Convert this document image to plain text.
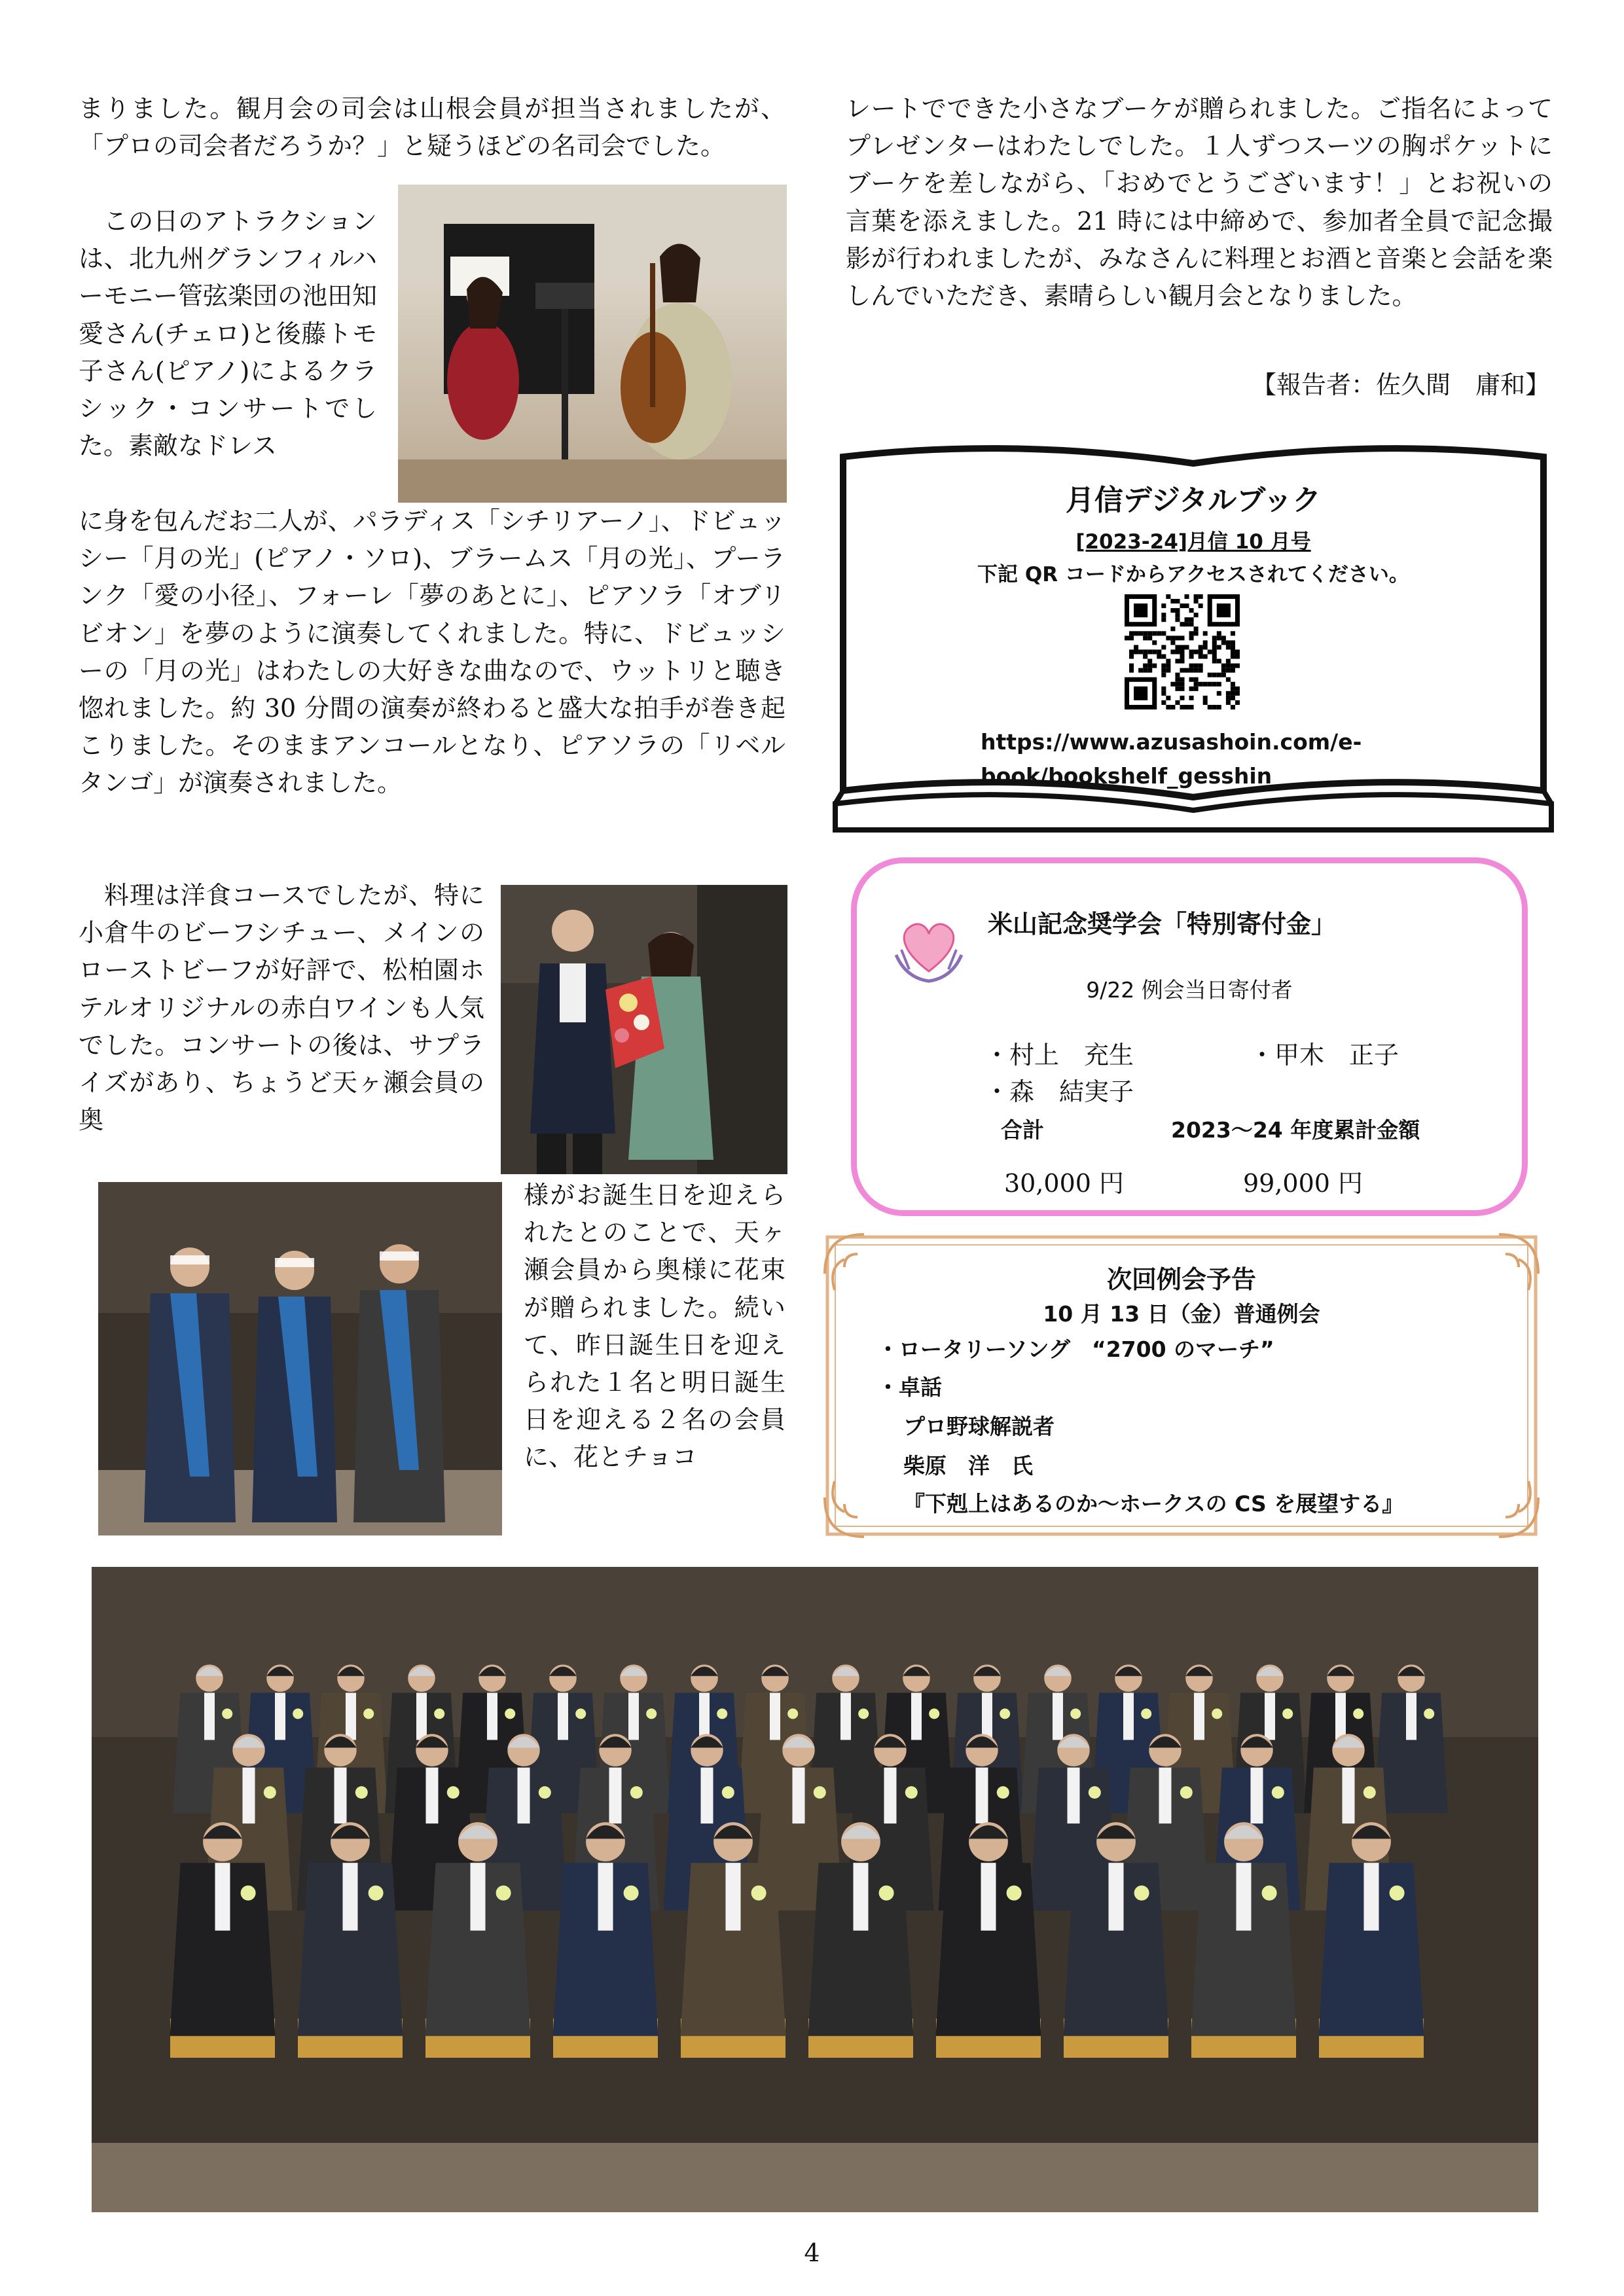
まりました。観月会の司会は山根会員が担当されましたが、「プロの司会者だろうか？」と疑うほどの名司会でした。

　この日のアトラクションは、北九州グランフィルハーモニー管弦楽団の池田知愛さん(チェロ)と後藤トモ子さん(ピアノ)によるクラシック・コンサートでした。素敵なドレス

に身を包んだお二人が、パラディス「シチリアーノ」、ドビュッシー「月の光」(ピアノ・ソロ)、ブラームス「月の光」、プーランク「愛の小径」、フォーレ「夢のあとに」、ピアソラ「オブリビオン」を夢のように演奏してくれました。特に、ドビュッシーの「月の光」はわたしの大好きな曲なので、ウットリと聴き惚れました。約 30 分間の演奏が終わると盛大な拍手が巻き起こりました。そのままアンコールとなり、ピアソラの「リベルタンゴ」が演奏されました。

　料理は洋食コースでしたが、特に小倉牛のビーフシチュー、メインのローストビーフが好評で、松柏園ホテルオリジナルの赤白ワインも人気でした。コンサートの後は、サプライズがあり、ちょうど天ヶ瀬会員の奥

様がお誕生日を迎えられたとのことで、天ヶ瀬会員から奥様に花束が贈られました。続いて、昨日誕生日を迎えられた１名と明日誕生日を迎える２名の会員に、花とチョコ

レートでできた小さなブーケが贈られました。ご指名によってプレゼンターはわたしでした。１人ずつスーツの胸ポケットにブーケを差しながら、「おめでとうございます！」とお祝いの言葉を添えました。21 時には中締めで、参加者全員で記念撮影が行われましたが、みなさんに料理とお酒と音楽と会話を楽しんでいただき、素晴らしい観月会となりました。

【報告者：佐久間　庸和】
月信デジタルブック
[2023-24]月信 10 月号
下記 QR コードからアクセスされてください。
https://www.azusashoin.com/e-
book/bookshelf_gesshin
米山記念奨学会「特別寄付金」
9/22 例会当日寄付者
・村上　充生	・甲木　正子
・森　結実子
合計	2023～24 年度累計金額
30,000 円	99,000 円
次回例会予告
10 月 13 日（金）普通例会
・ロータリーソング　“2700 のマーチ”
・卓話
プロ野球解説者
柴原　洋　氏
『下剋上はあるのか～ホークスの CS を展望する』
4
